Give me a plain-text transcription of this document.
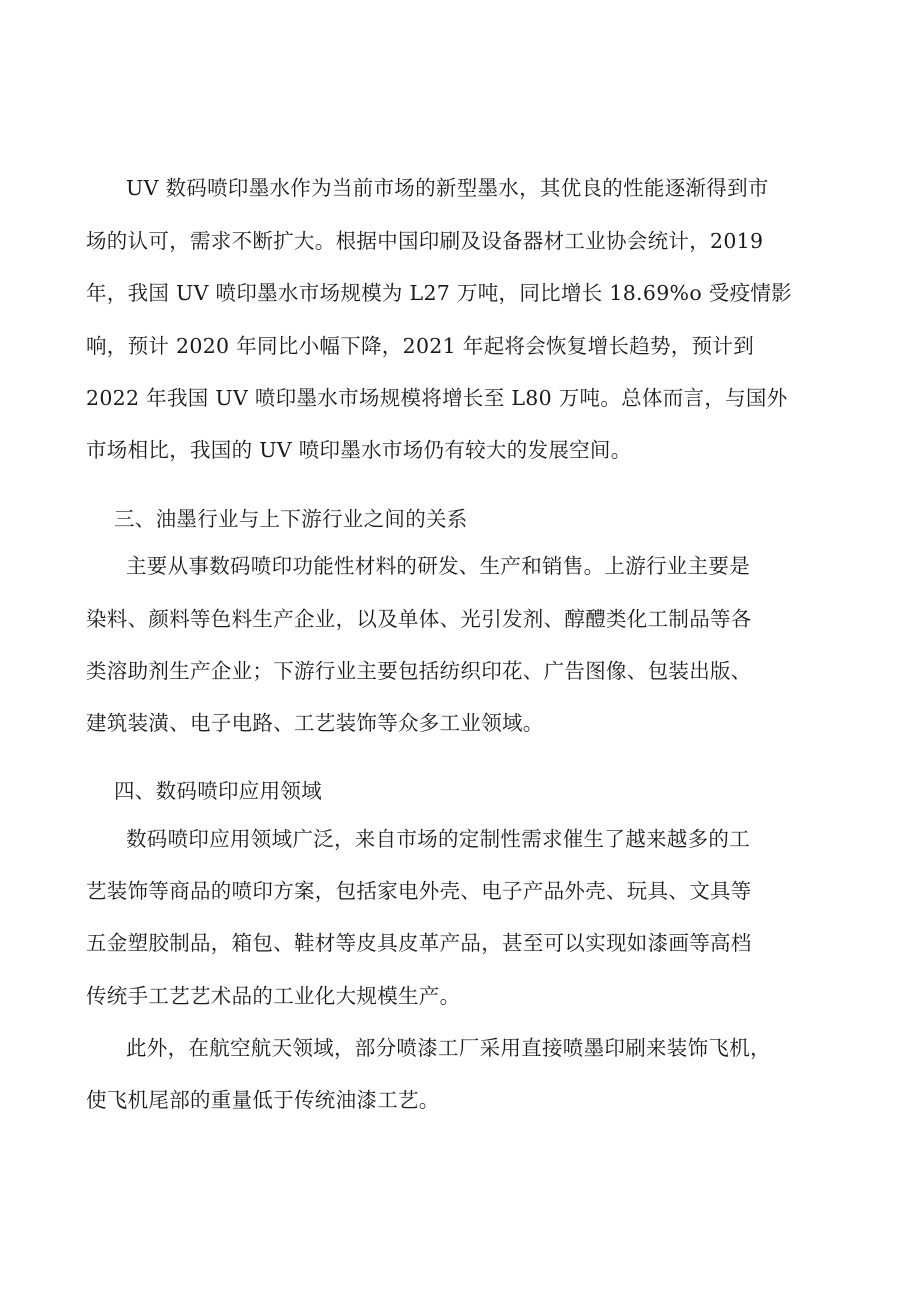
UV 数码喷印墨水作为当前市场的新型墨水，其优良的性能逐渐得到市
场的认可，需求不断扩大。根据中国印刷及设备器材工业协会统计，2019
年，我国 UV 喷印墨水市场规模为 L27 万吨，同比增长 18.69%o 受疫情影
响，预计 2020 年同比小幅下降，2021 年起将会恢复增长趋势，预计到
2022 年我国 UV 喷印墨水市场规模将增长至 L80 万吨。总体而言，与国外
市场相比，我国的 UV 喷印墨水市场仍有较大的发展空间。
三、油墨行业与上下游行业之间的关系
主要从事数码喷印功能性材料的研发、生产和销售。上游行业主要是
染料、颜料等色料生产企业，以及单体、光引发剂、醇醴类化工制品等各
类溶助剂生产企业；下游行业主要包括纺织印花、广告图像、包装出版、
建筑装潢、电子电路、工艺装饰等众多工业领域。
四、数码喷印应用领域
数码喷印应用领域广泛，来自市场的定制性需求催生了越来越多的工
艺装饰等商品的喷印方案，包括家电外壳、电子产品外壳、玩具、文具等
五金塑胶制品，箱包、鞋材等皮具皮革产品，甚至可以实现如漆画等高档
传统手工艺艺术品的工业化大规模生产。
此外，在航空航天领域，部分喷漆工厂采用直接喷墨印刷来装饰飞机，
使飞机尾部的重量低于传统油漆工艺。
